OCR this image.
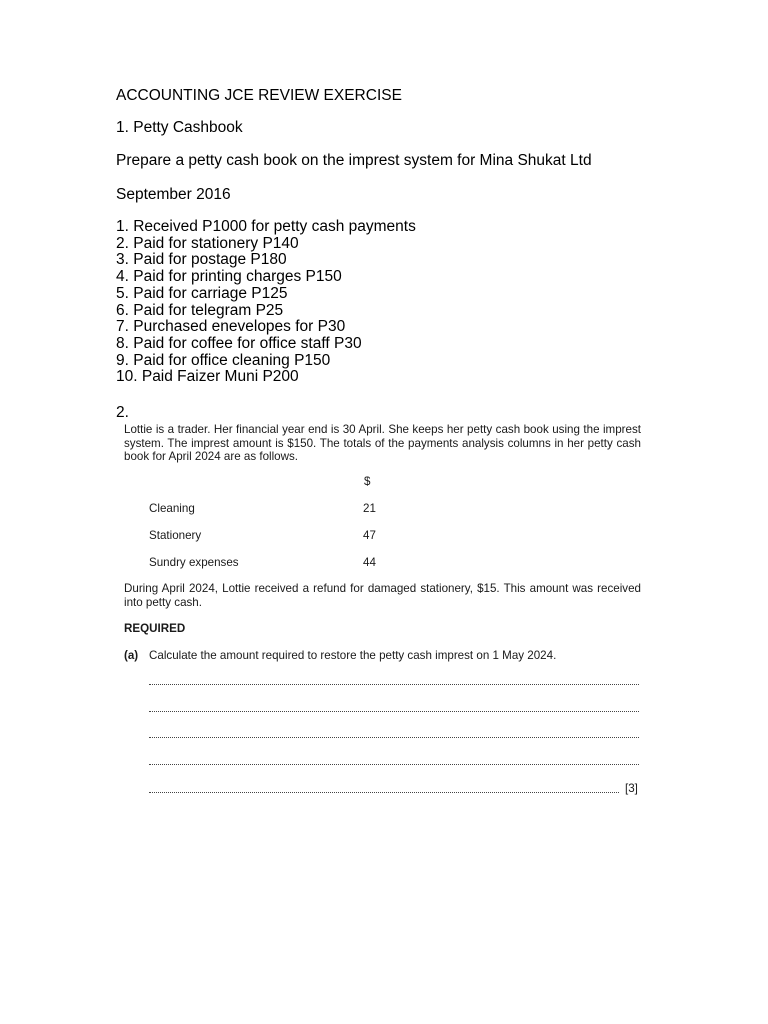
ACCOUNTING JCE REVIEW EXERCISE
1. Petty Cashbook
Prepare a petty cash book on the imprest system for Mina Shukat Ltd
September 2016
1. Received P1000 for petty cash payments
2. Paid for stationery P140
3. Paid for postage P180
4. Paid for printing charges P150
5. Paid for carriage P125
6. Paid for telegram P25
7. Purchased enevelopes for P30
8. Paid for coffee for office staff P30
9. Paid for office cleaning P150
10. Paid Faizer Muni P200
2.
Lottie is a trader. Her financial year end is 30 April. She keeps her petty cash book using the imprest system. The imprest amount is $150. The totals of the payments analysis columns in her petty cash book for April 2024 are as follows.
$
Cleaning	21
Stationery	47
Sundry expenses	44
During April 2024, Lottie received a refund for damaged stationery, $15. This amount was received into petty cash.
REQUIRED
(a) Calculate the amount required to restore the petty cash imprest on 1 May 2024.
[3]
